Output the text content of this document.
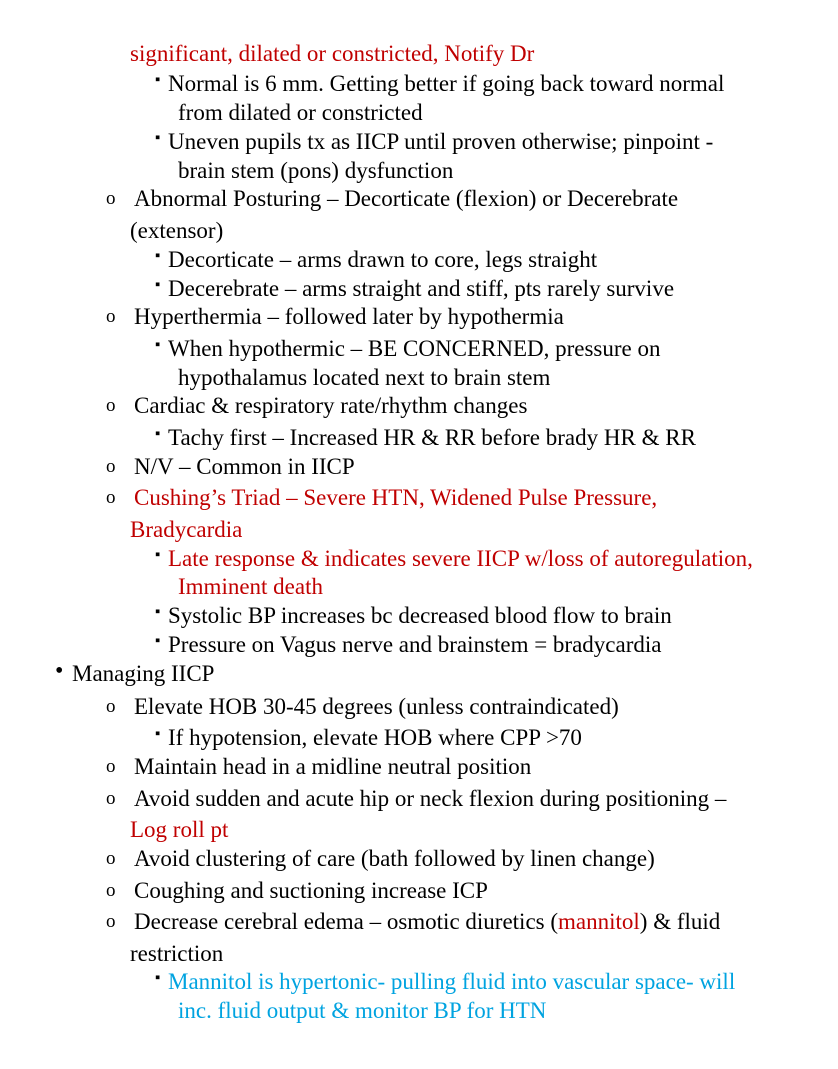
significant, dilated or constricted, Notify Dr
▪ Normal is 6 mm. Getting better if going back toward normal
from dilated or constricted
▪ Uneven pupils tx as IICP until proven otherwise; pinpoint -
brain stem (pons) dysfunction
o Abnormal Posturing – Decorticate (flexion) or Decerebrate
(extensor)
▪ Decorticate – arms drawn to core, legs straight
▪ Decerebrate – arms straight and stiff, pts rarely survive
o Hyperthermia – followed later by hypothermia
▪ When hypothermic – BE CONCERNED, pressure on
hypothalamus located next to brain stem
o Cardiac & respiratory rate/rhythm changes
▪ Tachy first – Increased HR & RR before brady HR & RR
o N/V – Common in IICP
o Cushing’s Triad – Severe HTN, Widened Pulse Pressure,
Bradycardia
▪ Late response & indicates severe IICP w/loss of autoregulation,
Imminent death
▪ Systolic BP increases bc decreased blood flow to brain
▪ Pressure on Vagus nerve and brainstem = bradycardia
• Managing IICP
o Elevate HOB 30-45 degrees (unless contraindicated)
▪ If hypotension, elevate HOB where CPP >70
o Maintain head in a midline neutral position
o Avoid sudden and acute hip or neck flexion during positioning –
Log roll pt
o Avoid clustering of care (bath followed by linen change)
o Coughing and suctioning increase ICP
o Decrease cerebral edema – osmotic diuretics (mannitol) & fluid
restriction
▪ Mannitol is hypertonic- pulling fluid into vascular space- will
inc. fluid output & monitor BP for HTN
